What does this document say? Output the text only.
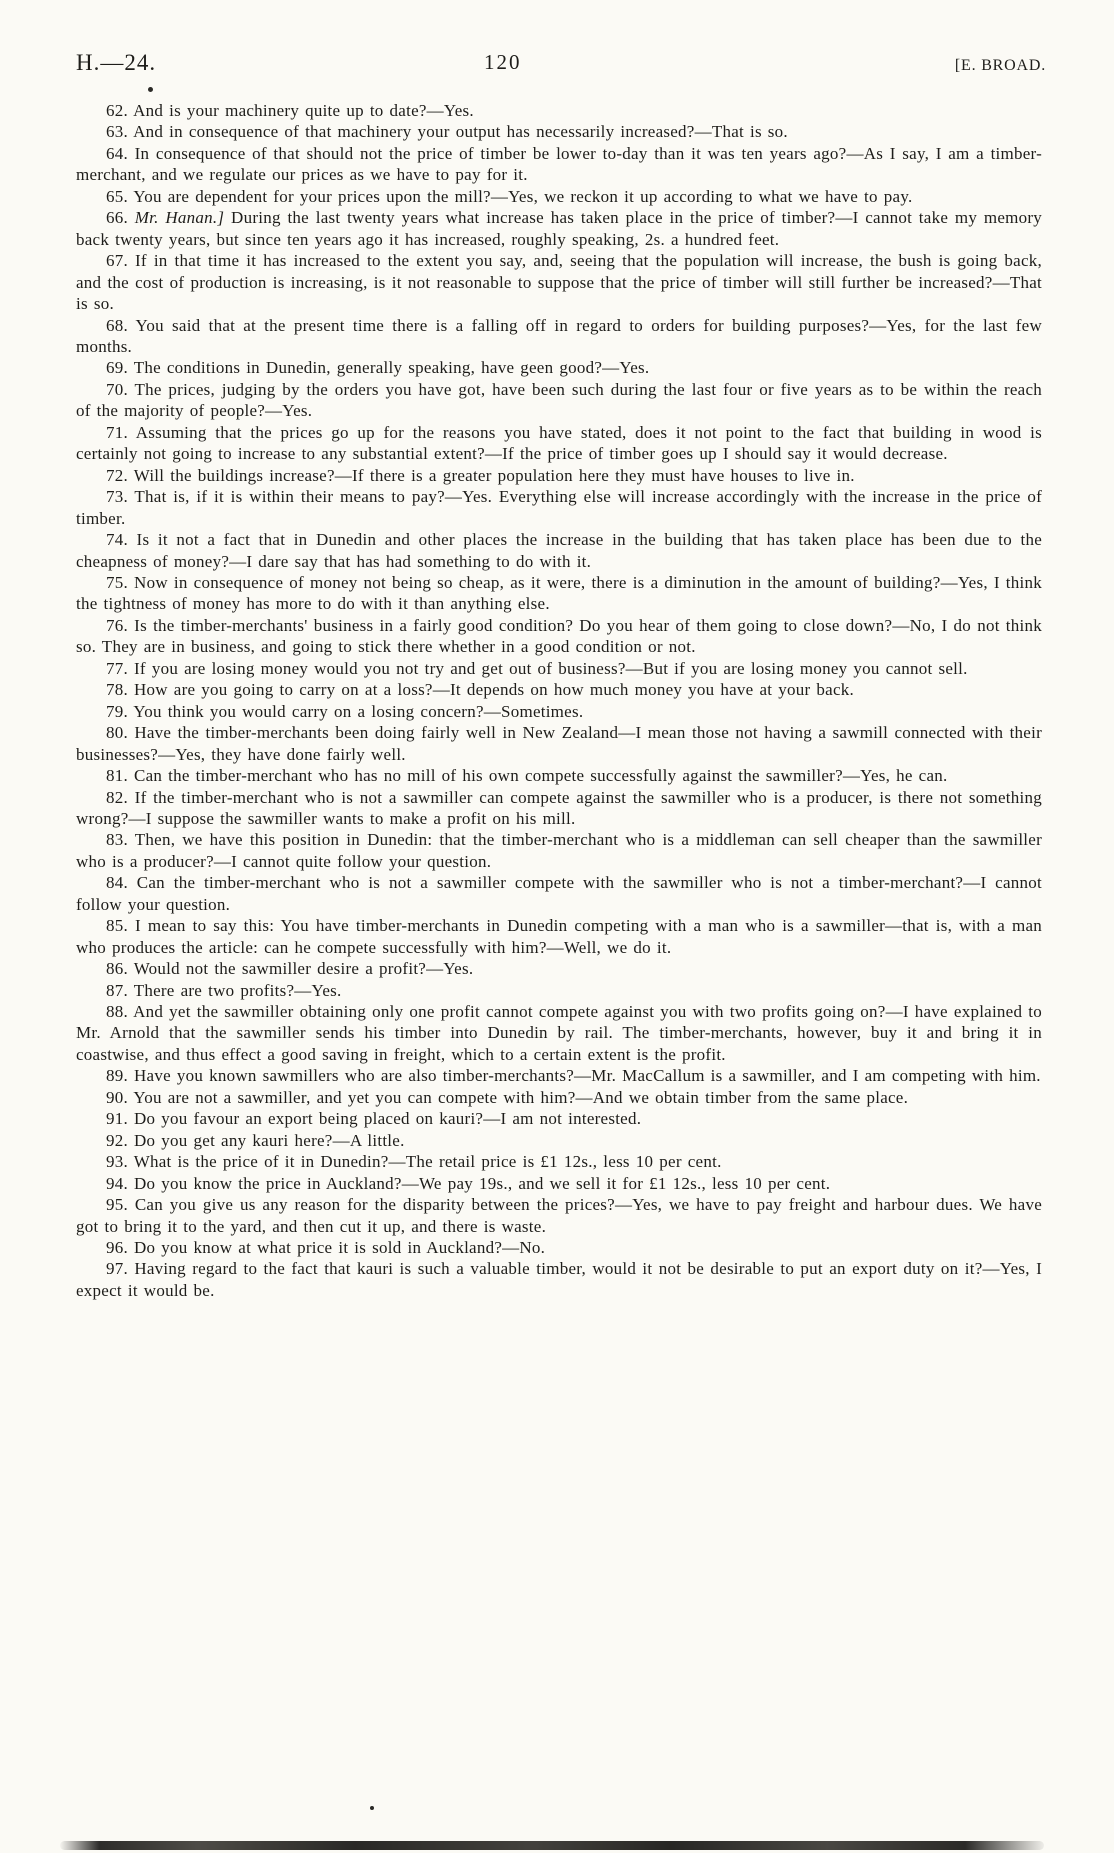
H.—24.	120	[E. BROAD.

62. And is your machinery quite up to date?—Yes.

63. And in consequence of that machinery your output has necessarily increased?—That is so.

64. In consequence of that should not the price of timber be lower to-day than it was ten years ago?—As I say, I am a timber-merchant, and we regulate our prices as we have to pay for it.

65. You are dependent for your prices upon the mill?—Yes, we reckon it up according to what we have to pay.

66. Mr. Hanan.] During the last twenty years what increase has taken place in the price of timber?—I cannot take my memory back twenty years, but since ten years ago it has increased, roughly speaking, 2s. a hundred feet.

67. If in that time it has increased to the extent you say, and, seeing that the population will increase, the bush is going back, and the cost of production is increasing, is it not reasonable to suppose that the price of timber will still further be increased?—That is so.

68. You said that at the present time there is a falling off in regard to orders for building purposes?—Yes, for the last few months.

69. The conditions in Dunedin, generally speaking, have geen good?—Yes.

70. The prices, judging by the orders you have got, have been such during the last four or five years as to be within the reach of the majority of people?—Yes.

71. Assuming that the prices go up for the reasons you have stated, does it not point to the fact that building in wood is certainly not going to increase to any substantial extent?—If the price of timber goes up I should say it would decrease.

72. Will the buildings increase?—If there is a greater population here they must have houses to live in.

73. That is, if it is within their means to pay?—Yes. Everything else will increase accordingly with the increase in the price of timber.

74. Is it not a fact that in Dunedin and other places the increase in the building that has taken place has been due to the cheapness of money?—I dare say that has had something to do with it.

75. Now in consequence of money not being so cheap, as it were, there is a diminution in the amount of building?—Yes, I think the tightness of money has more to do with it than anything else.

76. Is the timber-merchants' business in a fairly good condition? Do you hear of them going to close down?—No, I do not think so. They are in business, and going to stick there whether in a good condition or not.

77. If you are losing money would you not try and get out of business?—But if you are losing money you cannot sell.

78. How are you going to carry on at a loss?—It depends on how much money you have at your back.

79. You think you would carry on a losing concern?—Sometimes.

80. Have the timber-merchants been doing fairly well in New Zealand—I mean those not having a sawmill connected with their businesses?—Yes, they have done fairly well.

81. Can the timber-merchant who has no mill of his own compete successfully against the sawmiller?—Yes, he can.

82. If the timber-merchant who is not a sawmiller can compete against the sawmiller who is a producer, is there not something wrong?—I suppose the sawmiller wants to make a profit on his mill.

83. Then, we have this position in Dunedin: that the timber-merchant who is a middleman can sell cheaper than the sawmiller who is a producer?—I cannot quite follow your question.

84. Can the timber-merchant who is not a sawmiller compete with the sawmiller who is not a timber-merchant?—I cannot follow your question.

85. I mean to say this: You have timber-merchants in Dunedin competing with a man who is a sawmiller—that is, with a man who produces the article: can he compete successfully with him?—Well, we do it.

86. Would not the sawmiller desire a profit?—Yes.

87. There are two profits?—Yes.

88. And yet the sawmiller obtaining only one profit cannot compete against you with two profits going on?—I have explained to Mr. Arnold that the sawmiller sends his timber into Dunedin by rail. The timber-merchants, however, buy it and bring it in coastwise, and thus effect a good saving in freight, which to a certain extent is the profit.

89. Have you known sawmillers who are also timber-merchants?—Mr. MacCallum is a sawmiller, and I am competing with him.

90. You are not a sawmiller, and yet you can compete with him?—And we obtain timber from the same place.

91. Do you favour an export being placed on kauri?—I am not interested.

92. Do you get any kauri here?—A little.

93. What is the price of it in Dunedin?—The retail price is £1 12s., less 10 per cent.

94. Do you know the price in Auckland?—We pay 19s., and we sell it for £1 12s., less 10 per cent.

95. Can you give us any reason for the disparity between the prices?—Yes, we have to pay freight and harbour dues. We have got to bring it to the yard, and then cut it up, and there is waste.

96. Do you know at what price it is sold in Auckland?—No.

97. Having regard to the fact that kauri is such a valuable timber, would it not be desirable to put an export duty on it?—Yes, I expect it would be.
